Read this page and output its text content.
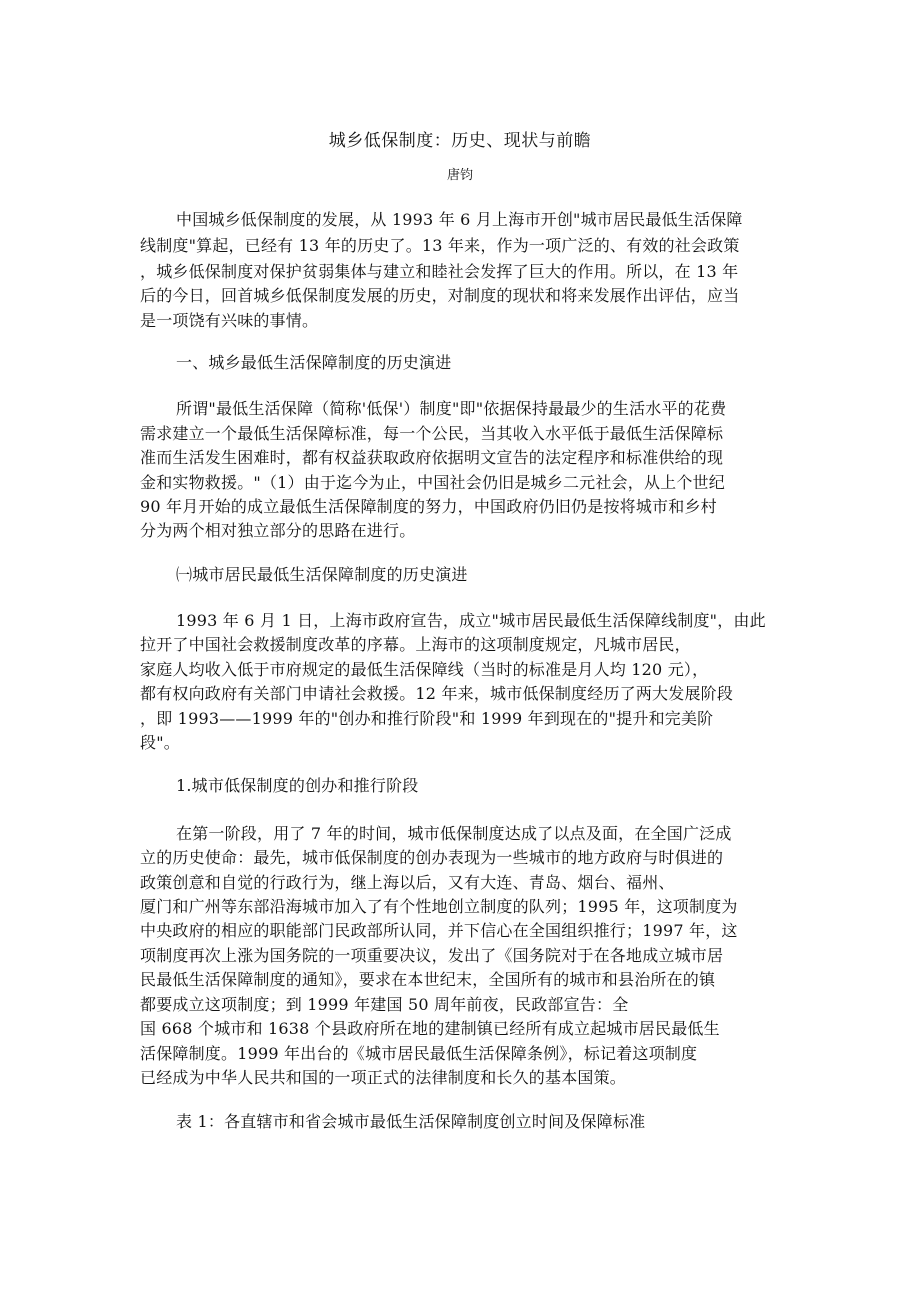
城乡低保制度：历史、现状与前瞻
唐钧
中国城乡低保制度的发展，从 1993 年 6 月上海市开创"城市居民最低生活保障
线制度"算起，已经有 13 年的历史了。13 年来，作为一项广泛的、有效的社会政策
，城乡低保制度对保护贫弱集体与建立和睦社会发挥了巨大的作用。所以，在 13 年
后的今日，回首城乡低保制度发展的历史，对制度的现状和将来发展作出评估，应当
是一项饶有兴味的事情。
一、城乡最低生活保障制度的历史演进
所谓"最低生活保障（简称'低保'）制度"即"依据保持最最少的生活水平的花费
需求建立一个最低生活保障标准，每一个公民，当其收入水平低于最低生活保障标
准而生活发生困难时，都有权益获取政府依据明文宣告的法定程序和标准供给的现
金和实物救援。"（1）由于迄今为止，中国社会仍旧是城乡二元社会，从上个世纪
90 年月开始的成立最低生活保障制度的努力，中国政府仍旧仍是按将城市和乡村
分为两个相对独立部分的思路在进行。
㈠城市居民最低生活保障制度的历史演进
1993 年 6 月 1 日，上海市政府宣告，成立"城市居民最低生活保障线制度"，由此
拉开了中国社会救援制度改革的序幕。上海市的这项制度规定，凡城市居民，
家庭人均收入低于市府规定的最低生活保障线（当时的标准是月人均 120 元），
都有权向政府有关部门申请社会救援。12 年来，城市低保制度经历了两大发展阶段
，即 1993——1999 年的"创办和推行阶段"和 1999 年到现在的"提升和完美阶
段"。
1.城市低保制度的创办和推行阶段
在第一阶段，用了 7 年的时间，城市低保制度达成了以点及面，在全国广泛成
立的历史使命：最先，城市低保制度的创办表现为一些城市的地方政府与时俱进的
政策创意和自觉的行政行为，继上海以后，又有大连、青岛、烟台、福州、
厦门和广州等东部沿海城市加入了有个性地创立制度的队列；1995 年，这项制度为
中央政府的相应的职能部门民政部所认同，并下信心在全国组织推行；1997 年，这
项制度再次上涨为国务院的一项重要决议，发出了《国务院对于在各地成立城市居
民最低生活保障制度的通知》，要求在本世纪末，全国所有的城市和县治所在的镇
都要成立这项制度；到 1999 年建国 50 周年前夜，民政部宣告：全
国 668 个城市和 1638 个县政府所在地的建制镇已经所有成立起城市居民最低生
活保障制度。1999 年出台的《城市居民最低生活保障条例》，标记着这项制度
已经成为中华人民共和国的一项正式的法律制度和长久的基本国策。
表 1：各直辖市和省会城市最低生活保障制度创立时间及保障标准
